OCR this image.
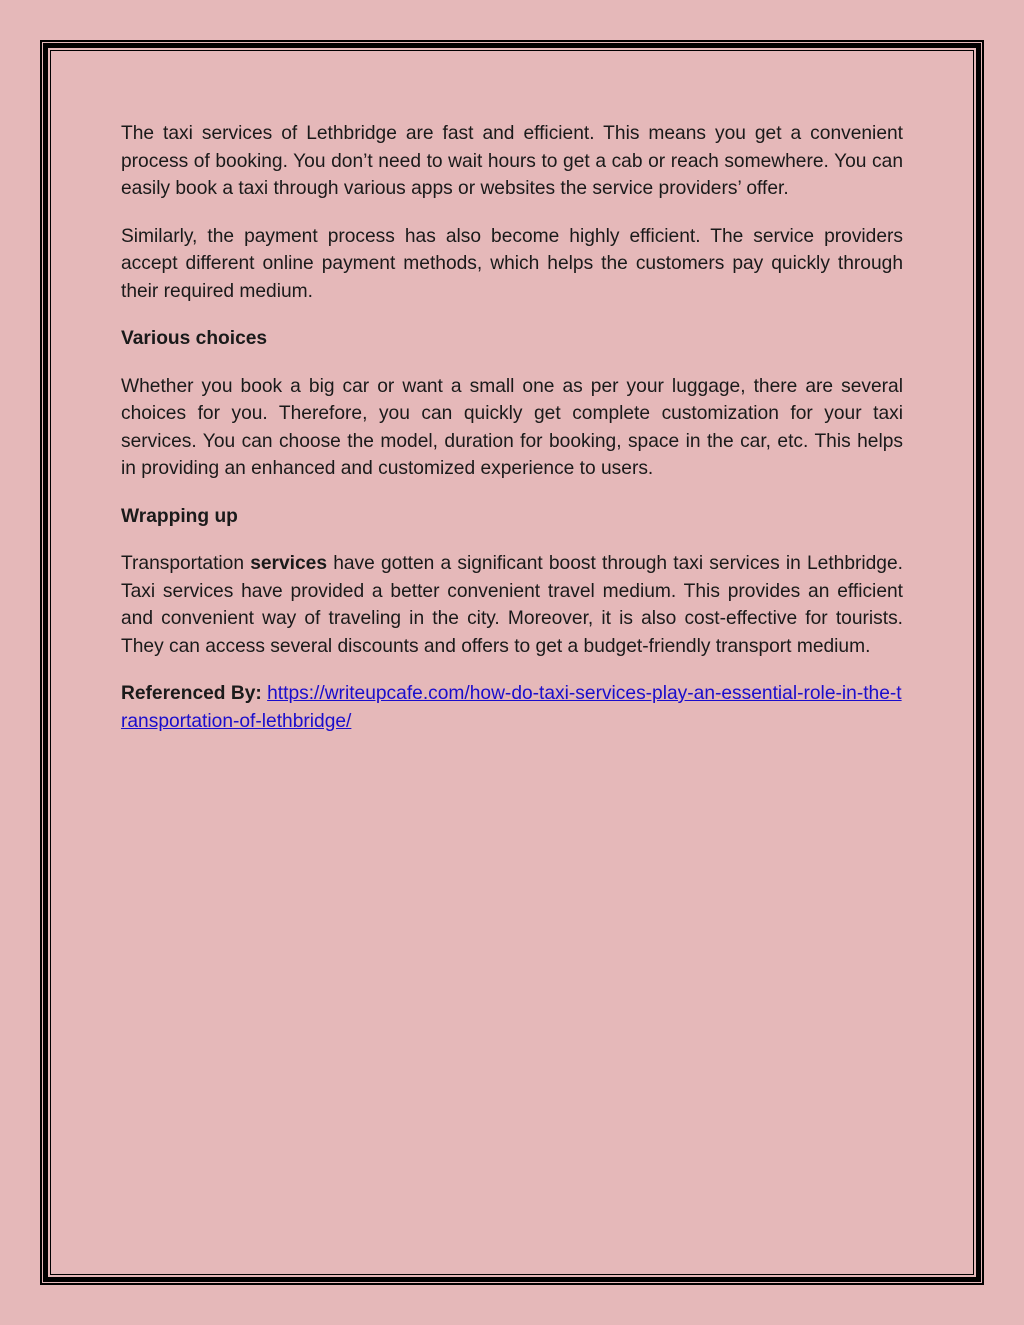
The taxi services of Lethbridge are fast and efficient. This means you get a convenient process of booking. You don’t need to wait hours to get a cab or reach somewhere. You can easily book a taxi through various apps or websites the service providers’ offer.

Similarly, the payment process has also become highly efficient. The service providers accept different online payment methods, which helps the customers pay quickly through their required medium.

Various choices

Whether you book a big car or want a small one as per your luggage, there are several choices for you. Therefore, you can quickly get complete customization for your taxi services. You can choose the model, duration for booking, space in the car, etc. This helps in providing an enhanced and customized experience to users.

Wrapping up

Transportation services have gotten a significant boost through taxi services in Lethbridge. Taxi services have provided a better convenient travel medium. This provides an efficient and convenient way of traveling in the city. Moreover, it is also cost-effective for tourists. They can access several discounts and offers to get a budget-friendly transport medium.

Referenced By: https://writeupcafe.com/how-do-taxi-services-play-an-essential-role-in-the-transportation-of-lethbridge/
